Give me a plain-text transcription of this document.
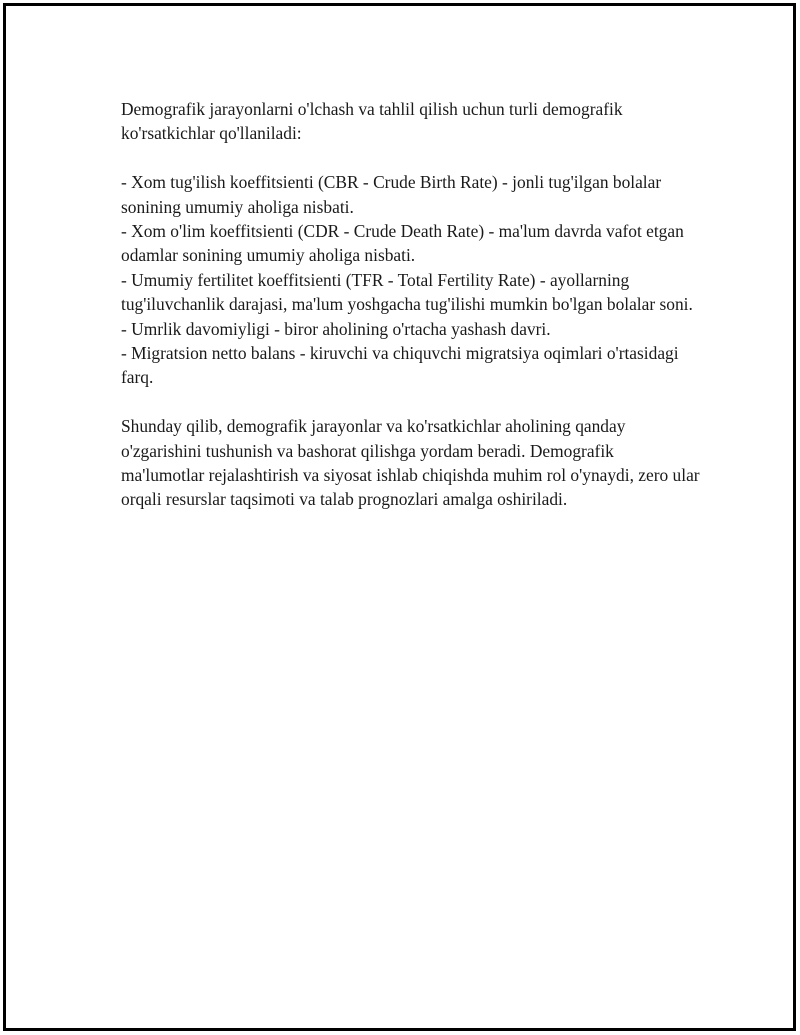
Demografik jarayonlarni o'lchash va tahlil qilish uchun turli demografik ko'rsatkichlar qo'llaniladi:

- Xom tug'ilish koeffitsienti (CBR - Crude Birth Rate) - jonli tug'ilgan bolalar sonining umumiy aholiga nisbati.
- Xom o'lim koeffitsienti (CDR - Crude Death Rate) - ma'lum davrda vafot etgan odamlar sonining umumiy aholiga nisbati.
- Umumiy fertilitet koeffitsienti (TFR - Total Fertility Rate) - ayollarning tug'iluvchanlik darajasi, ma'lum yoshgacha tug'ilishi mumkin bo'lgan bolalar soni.
- Umrlik davomiyligi - biror aholining o'rtacha yashash davri.
- Migratsion netto balans - kiruvchi va chiquvchi migratsiya oqimlari o'rtasidagi farq.

Shunday qilib, demografik jarayonlar va ko'rsatkichlar aholining qanday o'zgarishini tushunish va bashorat qilishga yordam beradi. Demografik ma'lumotlar rejalashtirish va siyosat ishlab chiqishda muhim rol o'ynaydi, zero ular orqali resurslar taqsimoti va talab prognozlari amalga oshiriladi.
